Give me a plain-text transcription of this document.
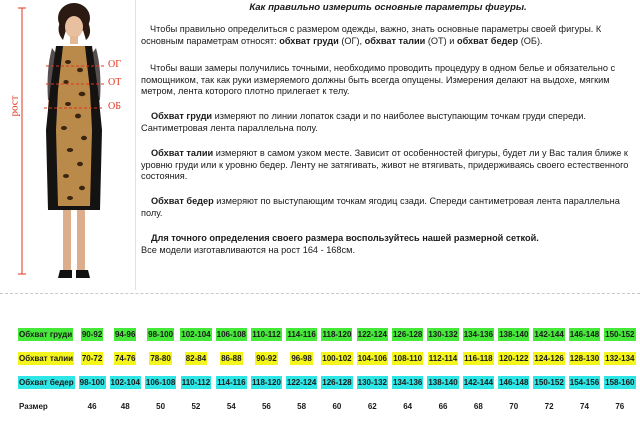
ОГ
ОТ
ОБ
рост

Как правильно измерить основные параметры фигуры.

Чтобы правильно определиться с размером одежды, важно, знать основные параметры своей фигуры. К основным параметрам относят: обхват груди (ОГ), обхват талии (ОТ) и обхват бедер (ОБ).

Чтобы ваши замеры получились точными, необходимо проводить процедуру в одном белье и обязательно с помощником, так как руки измеряемого должны быть всегда опущены. Измерения делают на выдохе, мягким метром, лента которого плотно прилегает к телу.

Обхват груди измеряют по линии лопаток сзади и по наиболее выступающим точкам груди спереди. Сантиметровая лента параллельна полу.

Обхват талии измеряют в самом узком месте. Зависит от особенностей фигуры, будет ли у Вас талия ближе к уровню груди или к уровню бедер. Ленту не затягивать, живот не втягивать, придерживаясь своего естественного состояния.

Обхват бедер измеряют по выступающим точкам ягодиц сзади. Спереди сантиметровая лента параллельна полу.

Для точного определения своего размера воспользуйтесь нашей размерной сеткой.
Все модели изготавливаются на рост 164 - 168см.

Обхват груди	90-92	94-96	98-100	102-104	106-108	110-112	114-116	118-120	122-124	126-128	130-132	134-136	138-140	142-144	146-148	150-152
Обхват талии	70-72	74-76	78-80	82-84	86-88	90-92	96-98	100-102	104-106	108-110	112-114	116-118	120-122	124-126	128-130	132-134
Обхват бедер	98-100	102-104	106-108	110-112	114-116	118-120	122-124	126-128	130-132	134-136	138-140	142-144	146-148	150-152	154-156	158-160
Размер	46	48	50	52	54	56	58	60	62	64	66	68	70	72	74	76
